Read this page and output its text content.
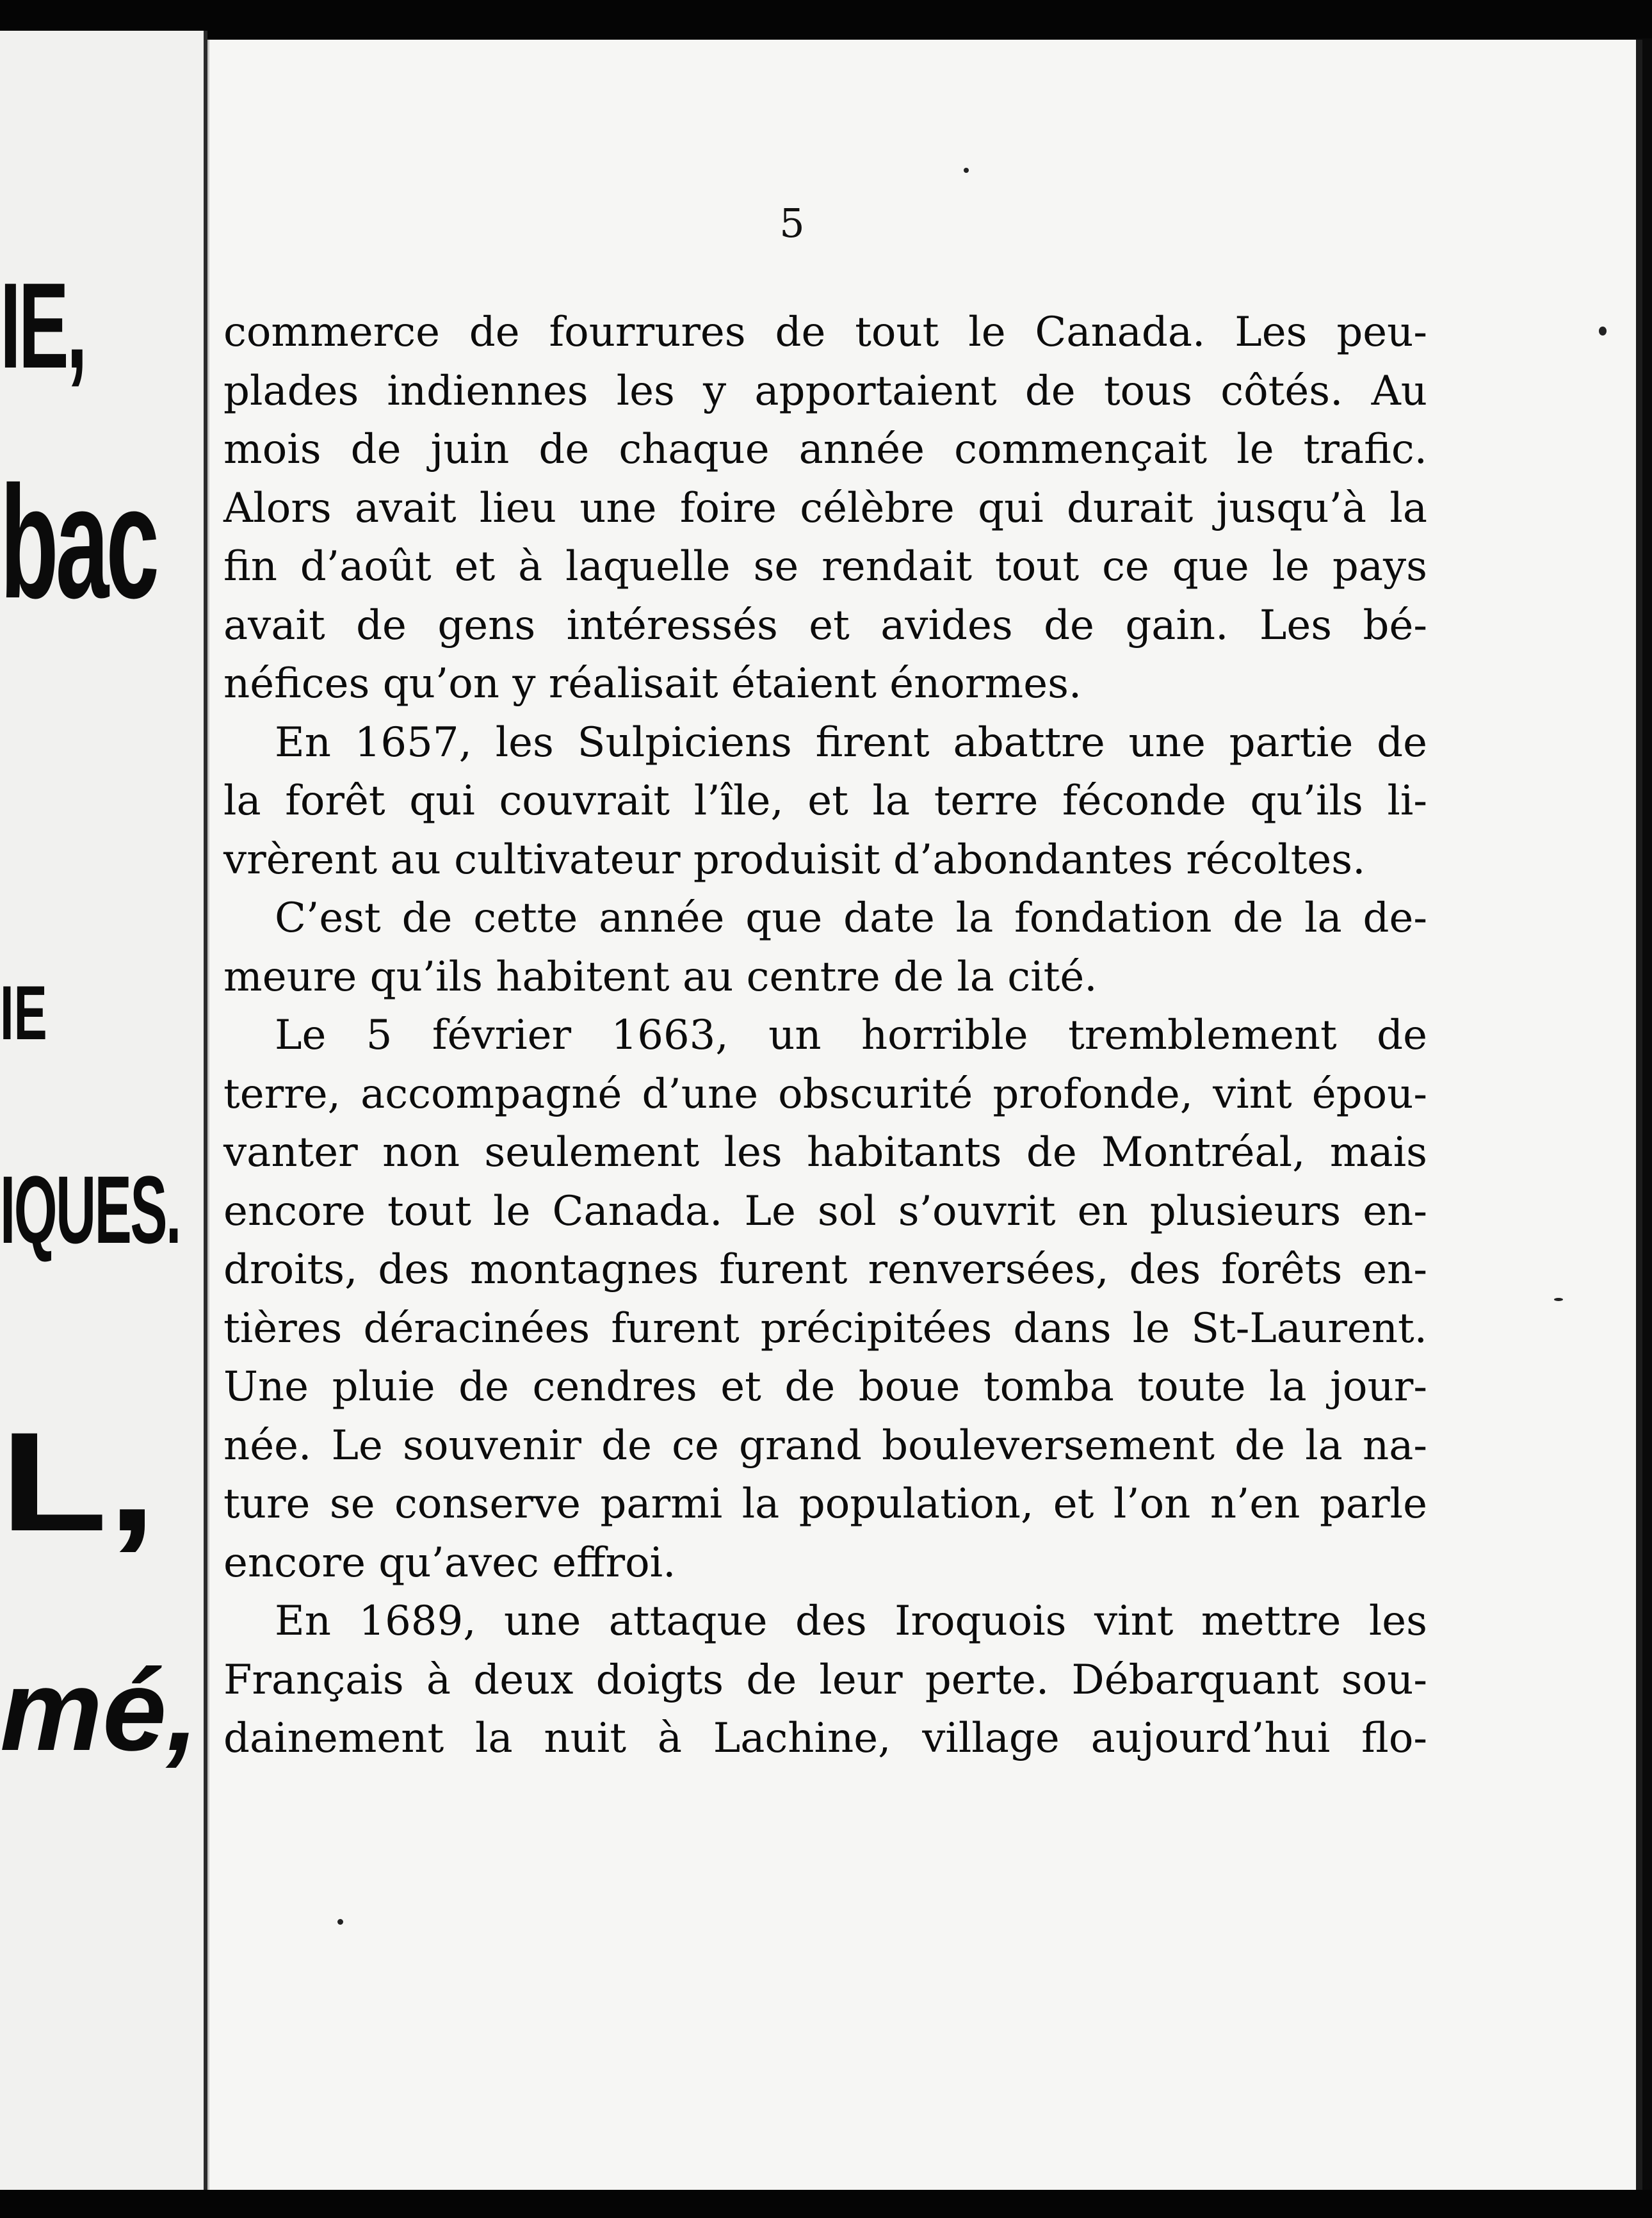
IE,
bac
IE
IQUES.
L,
mé,
5
commerce de fourrures de tout le Canada. Les peu-
plades indiennes les y apportaient de tous côtés. Au
mois de juin de chaque année commençait le trafic.
Alors avait lieu une foire célèbre qui durait jusqu’à la
fin d’août et à laquelle se rendait tout ce que le pays
avait de gens intéressés et avides de gain. Les bé-
néfices qu’on y réalisait étaient énormes.
En 1657, les Sulpiciens firent abattre une partie de
la forêt qui couvrait l’île, et la terre féconde qu’ils li-
vrèrent au cultivateur produisit d’abondantes récoltes.
C’est de cette année que date la fondation de la de-
meure qu’ils habitent au centre de la cité.
Le 5 février 1663, un horrible tremblement de
terre, accompagné d’une obscurité profonde, vint épou-
vanter non seulement les habitants de Montréal, mais
encore tout le Canada. Le sol s’ouvrit en plusieurs en-
droits, des montagnes furent renversées, des forêts en-
tières déracinées furent précipitées dans le St-Laurent.
Une pluie de cendres et de boue tomba toute la jour-
née. Le souvenir de ce grand bouleversement de la na-
ture se conserve parmi la population, et l’on n’en parle
encore qu’avec effroi.
En 1689, une attaque des Iroquois vint mettre les
Français à deux doigts de leur perte. Débarquant sou-
dainement la nuit à Lachine, village aujourd’hui flo-
